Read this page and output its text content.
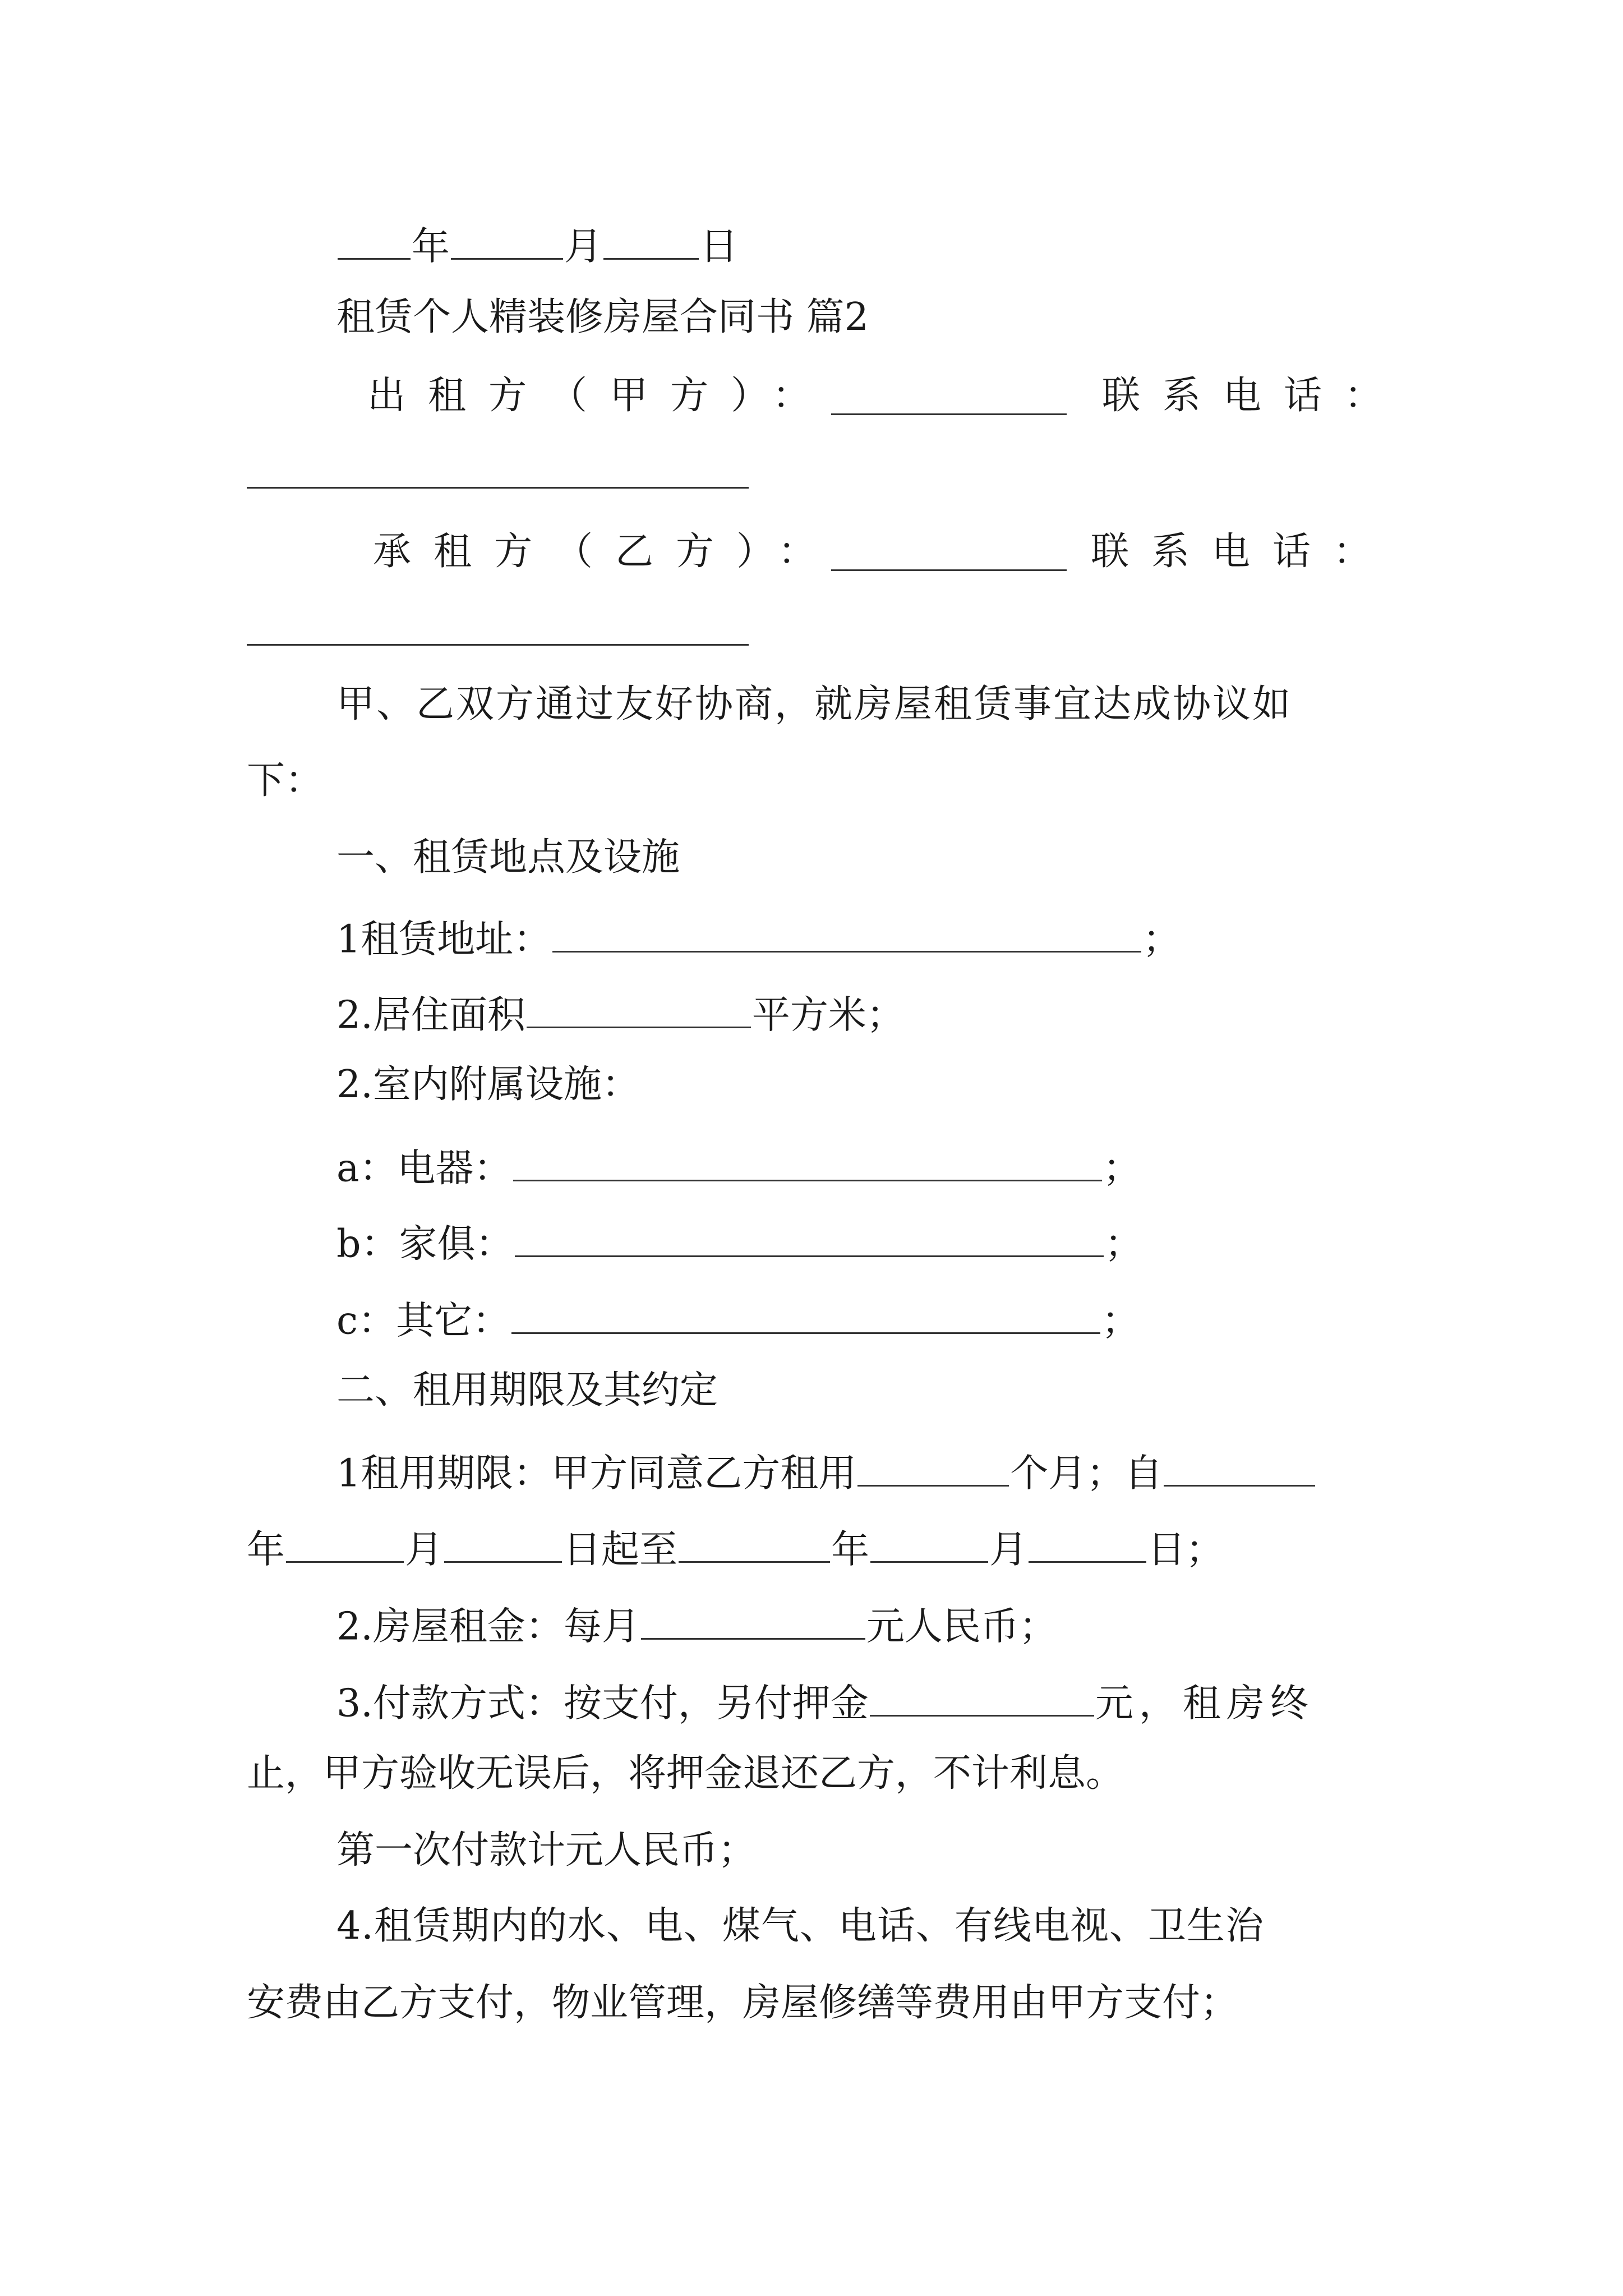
年	月	日
租赁个人精装修房屋合同书 篇2
出租方（甲方）：	联系电话：
承租方（乙方）：	联系电话：
甲、乙双方通过友好协商，就房屋租赁事宜达成协议如
下：
一、租赁地点及设施
1租赁地址：	；
2.居住面积	平方米；
2.室内附属设施：
a：电器：	；
b：家俱：	；
c：其它：	；
二、租用期限及其约定
1租用期限：甲方同意乙方租用	个月；自
年	月	日起至	年	月	日；
2.房屋租金：每月	元人民币；
3.付款方式：按支付，另付押金	元，租房终
止，甲方验收无误后，将押金退还乙方，不计利息。
第一次付款计元人民币；
4.租赁期内的水、电、煤气、电话、有线电视、卫生治
安费由乙方支付，物业管理，房屋修缮等费用由甲方支付；
